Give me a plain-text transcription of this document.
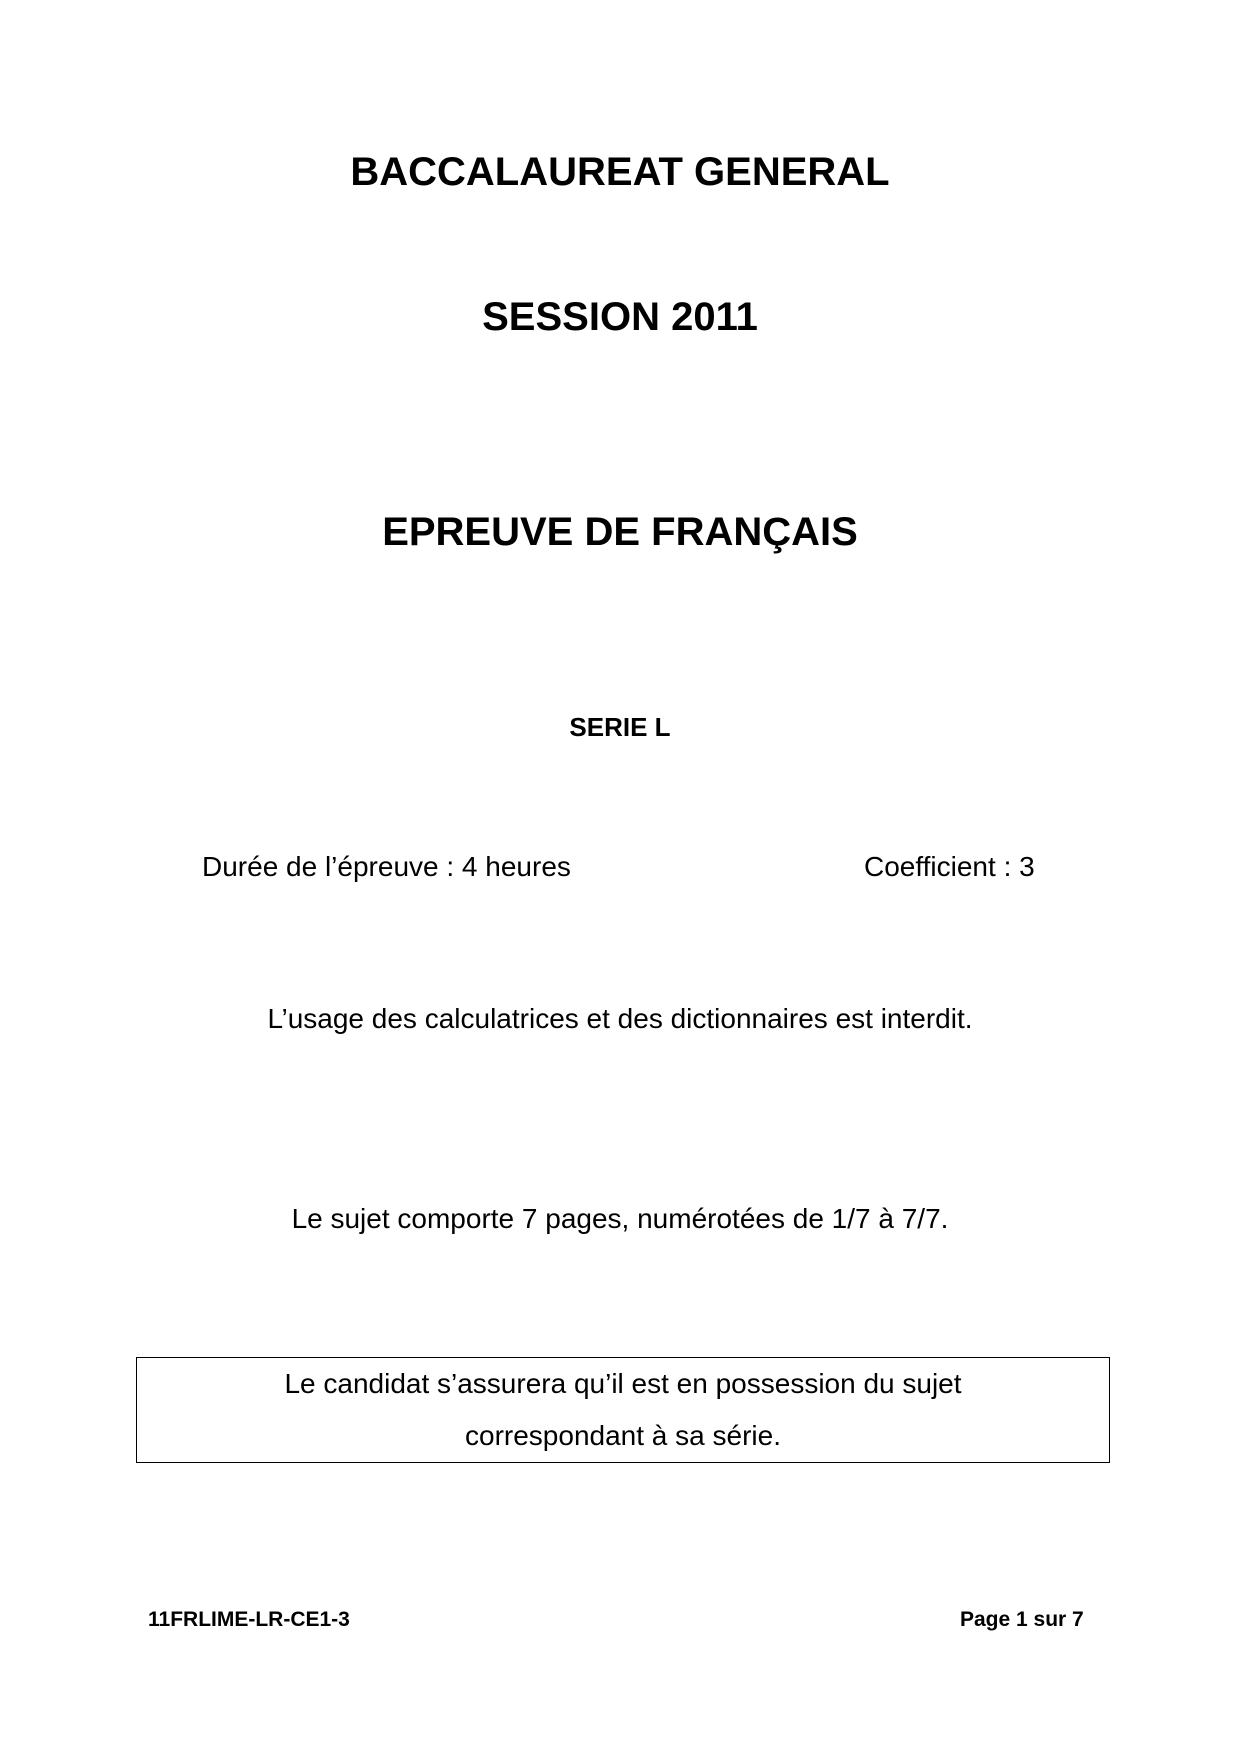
BACCALAUREAT GENERAL
SESSION 2011
EPREUVE DE FRANÇAIS
SERIE L
Durée de l’épreuve : 4 heures	Coefficient : 3
L’usage des calculatrices et des dictionnaires est interdit.
Le sujet comporte 7 pages, numérotées de 1/7 à 7/7.
Le candidat s’assurera qu’il est en possession du sujet
correspondant à sa série.
11FRLIME-LR-CE1-3	Page 1 sur 7
